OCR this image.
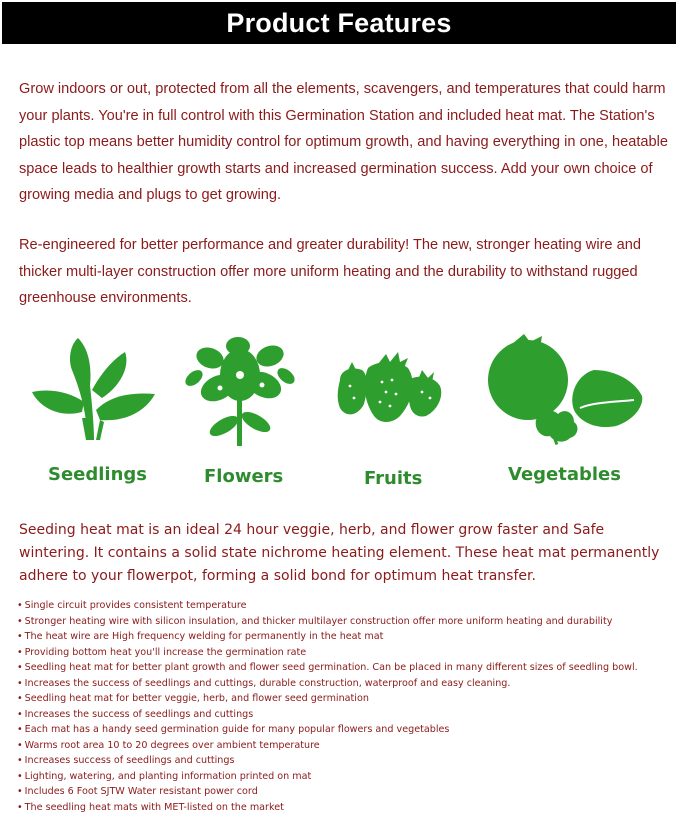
Product Features

Grow indoors or out, protected from all the elements, scavengers, and temperatures that could harm your plants. You're in full control with this Germination Station and included heat mat. The Station's plastic top means better humidity control for optimum growth, and having everything in one, heatable space leads to healthier growth starts and increased germination success. Add your own choice of growing media and plugs to get growing.

Re-engineered for better performance and greater durability! The new, stronger heating wire and thicker multi-layer construction offer more uniform heating and the durability to withstand rugged greenhouse environments.

Seedlings	Flowers	Fruits	Vegetables

Seeding heat mat is an ideal 24 hour veggie, herb, and flower grow faster and Safe wintering. It contains a solid state nichrome heating element. These heat mat permanently adhere to your flowerpot, forming a solid bond for optimum heat transfer.

• Single circuit provides consistent temperature
• Stronger heating wire with silicon insulation, and thicker multilayer construction offer more uniform heating and durability
• The heat wire are High frequency welding for permanently in the heat mat
• Providing bottom heat you'll increase the germination rate
• Seedling heat mat for better plant growth and flower seed germination. Can be placed in many different sizes of seedling bowl.
• Increases the success of seedlings and cuttings, durable construction, waterproof and easy cleaning.
• Seedling heat mat for better veggie, herb, and flower seed germination
• Increases the success of seedlings and cuttings
• Each mat has a handy seed germination guide for many popular flowers and vegetables
• Warms root area 10 to 20 degrees over ambient temperature
• Increases success of seedlings and cuttings
• Lighting, watering, and planting information printed on mat
• Includes 6 Foot SJTW Water resistant power cord
• The seedling heat mats with MET-listed on the market
